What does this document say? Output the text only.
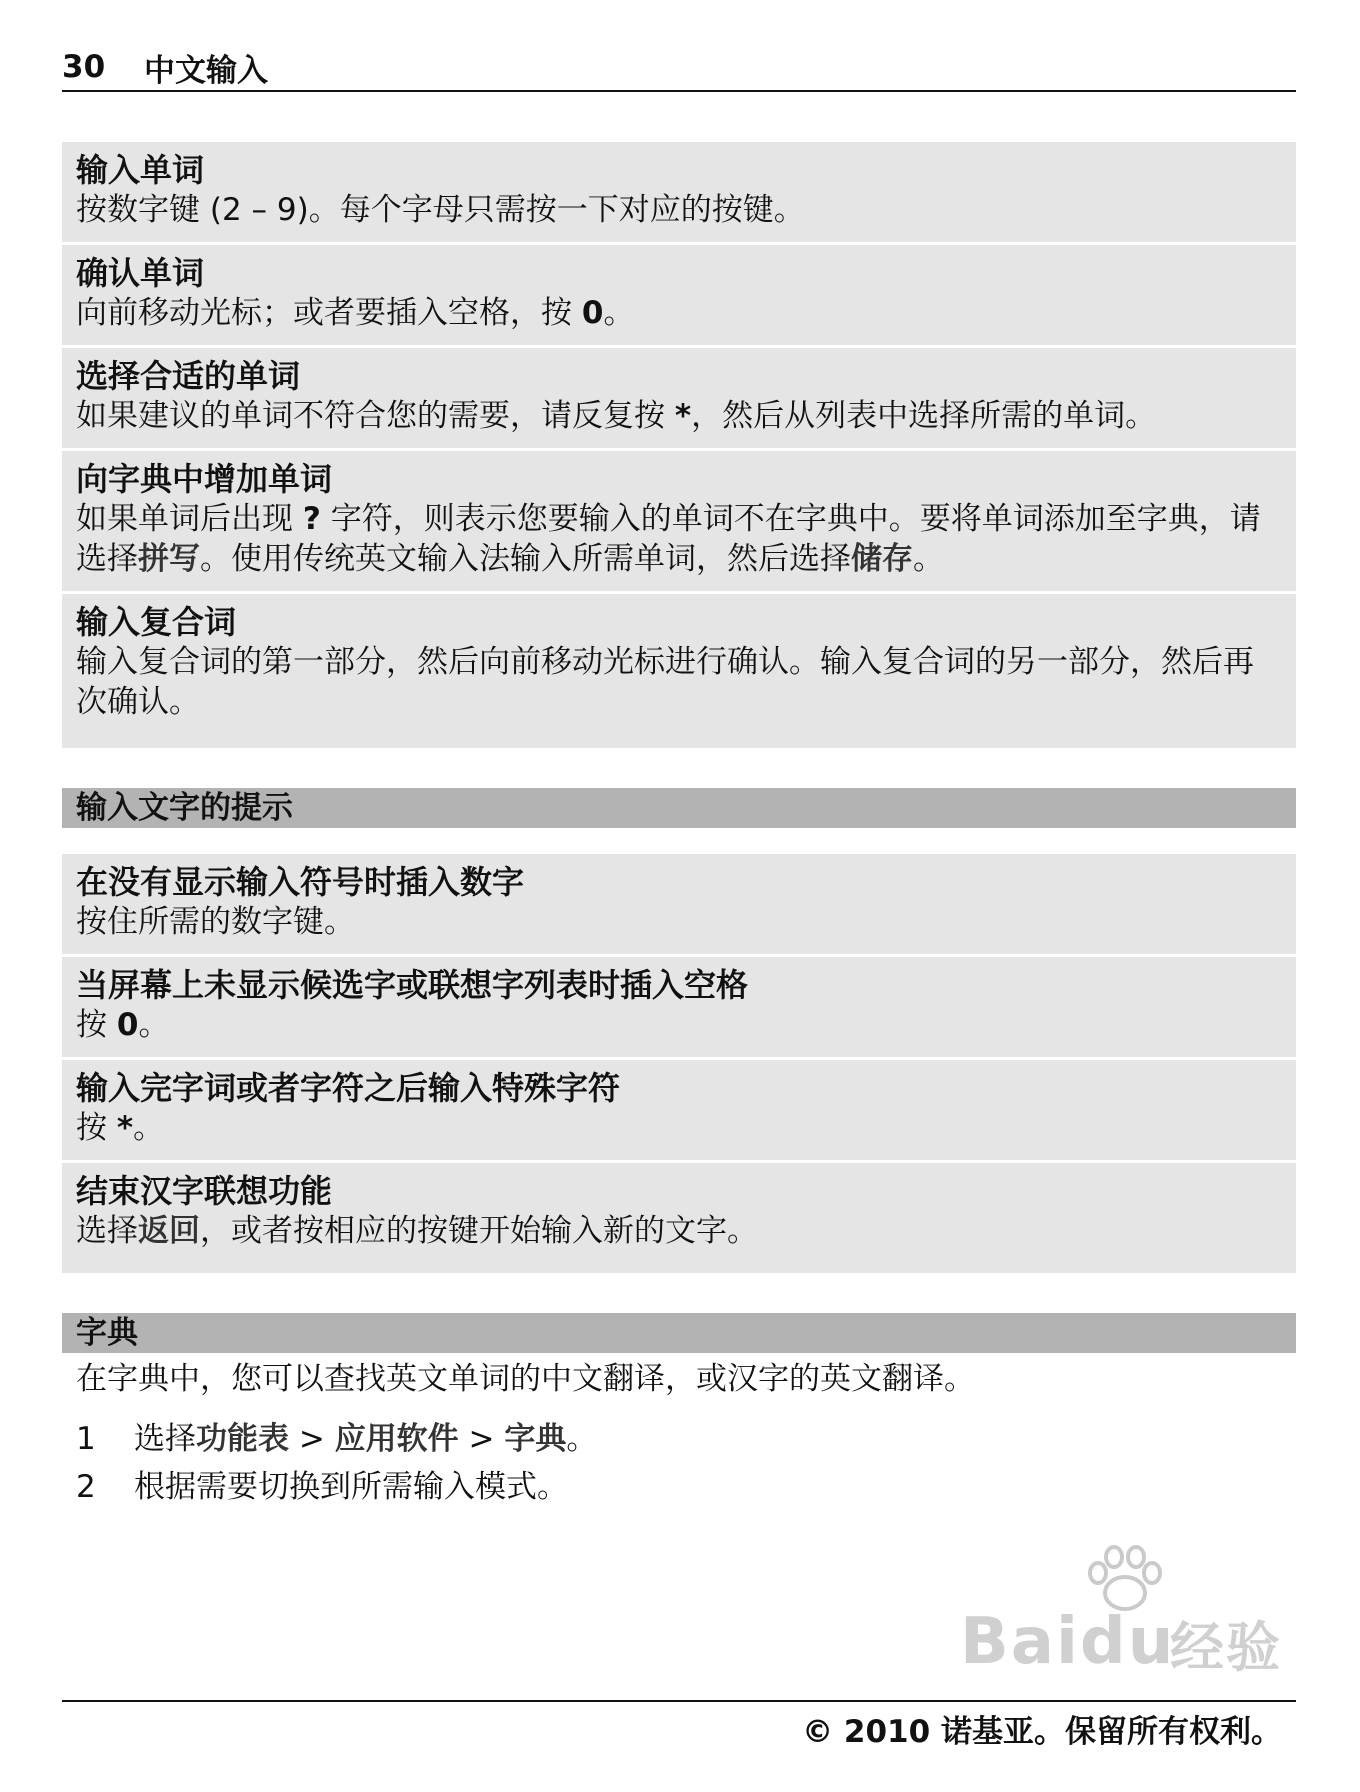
30	中文输入
输入单词
按数字键 (2 – 9)。每个字母只需按一下对应的按键。
确认单词
向前移动光标；或者要插入空格，按 0。
选择合适的单词
如果建议的单词不符合您的需要，请反复按 *，然后从列表中选择所需的单词。
向字典中增加单词
如果单词后出现 ? 字符，则表示您要输入的单词不在字典中。要将单词添加至字典，请选择拼写。使用传统英文输入法输入所需单词，然后选择储存。
输入复合词
输入复合词的第一部分，然后向前移动光标进行确认。输入复合词的另一部分，然后再次确认。
输入文字的提示
在没有显示输入符号时插入数字
按住所需的数字键。
当屏幕上未显示候选字或联想字列表时插入空格
按 0。
输入完字词或者字符之后输入特殊字符
按 *。
结束汉字联想功能
选择返回，或者按相应的按键开始输入新的文字。
字典
在字典中，您可以查找英文单词的中文翻译，或汉字的英文翻译。
1	选择功能表 > 应用软件 > 字典。
2	根据需要切换到所需输入模式。
Baidu
经验
© 2010 诺基亚。保留所有权利。
